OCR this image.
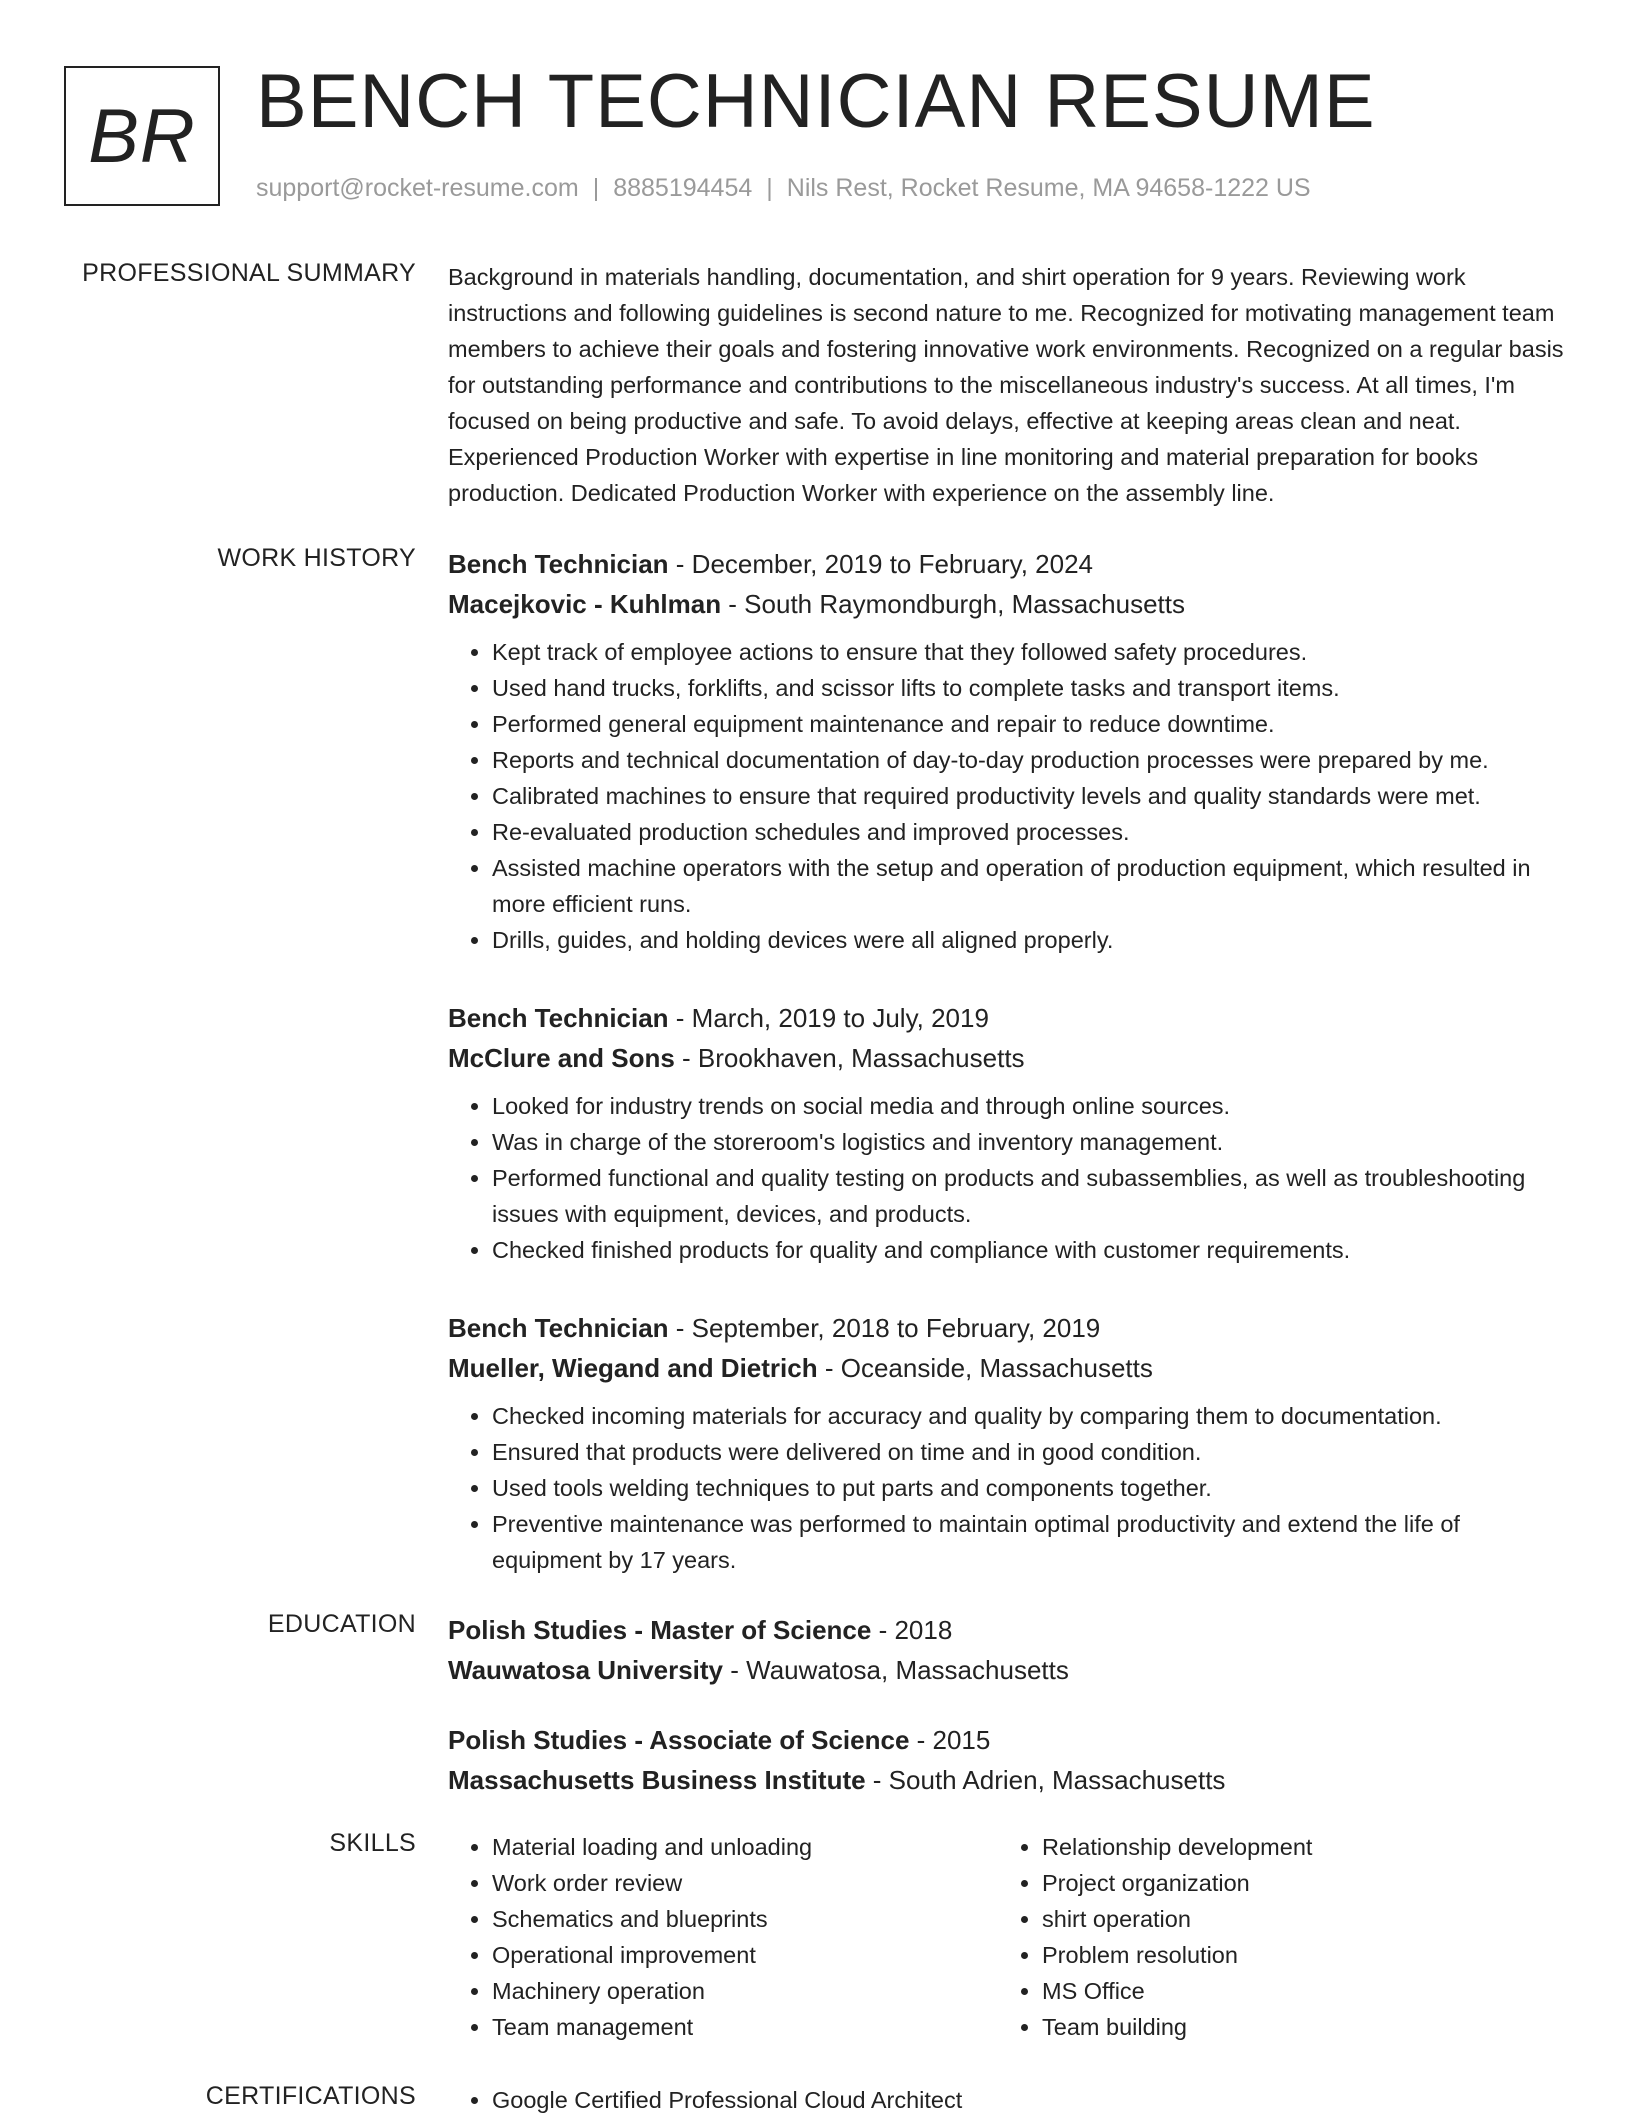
BR BENCH TECHNICIAN RESUME
support@rocket-resume.com | 8885194454 | Nils Rest, Rocket Resume, MA 94658-1222 US
PROFESSIONAL SUMMARY Background in materials handling, documentation, and shirt operation for 9 years. Reviewing work instructions and following guidelines is second nature to me. Recognized for motivating management team members to achieve their goals and fostering innovative work environments. Recognized on a regular basis for outstanding performance and contributions to the miscellaneous industry's success. At all times, I'm focused on being productive and safe. To avoid delays, effective at keeping areas clean and neat. Experienced Production Worker with expertise in line monitoring and material preparation for books production. Dedicated Production Worker with experience on the assembly line.
WORK HISTORY Bench Technician - December, 2019 to February, 2024
Macejkovic - Kuhlman - South Raymondburgh, Massachusetts
• Kept track of employee actions to ensure that they followed safety procedures.
• Used hand trucks, forklifts, and scissor lifts to complete tasks and transport items.
• Performed general equipment maintenance and repair to reduce downtime.
• Reports and technical documentation of day-to-day production processes were prepared by me.
• Calibrated machines to ensure that required productivity levels and quality standards were met.
• Re-evaluated production schedules and improved processes.
• Assisted machine operators with the setup and operation of production equipment, which resulted in more efficient runs.
• Drills, guides, and holding devices were all aligned properly.
Bench Technician - March, 2019 to July, 2019
McClure and Sons - Brookhaven, Massachusetts
• Looked for industry trends on social media and through online sources.
• Was in charge of the storeroom's logistics and inventory management.
• Performed functional and quality testing on products and subassemblies, as well as troubleshooting issues with equipment, devices, and products.
• Checked finished products for quality and compliance with customer requirements.
Bench Technician - September, 2018 to February, 2019
Mueller, Wiegand and Dietrich - Oceanside, Massachusetts
• Checked incoming materials for accuracy and quality by comparing them to documentation.
• Ensured that products were delivered on time and in good condition.
• Used tools welding techniques to put parts and components together.
• Preventive maintenance was performed to maintain optimal productivity and extend the life of equipment by 17 years.
EDUCATION Polish Studies - Master of Science - 2018
Wauwatosa University - Wauwatosa, Massachusetts
Polish Studies - Associate of Science - 2015
Massachusetts Business Institute - South Adrien, Massachusetts
SKILLS	• Material loading and unloading
• Work order review
• Schematics and blueprints
• Operational improvement
• Machinery operation
• Team management
• Relationship development
• Project organization
• shirt operation
• Problem resolution
• MS Office
• Team building
CERTIFICATIONS	• Google Certified Professional Cloud Architect
